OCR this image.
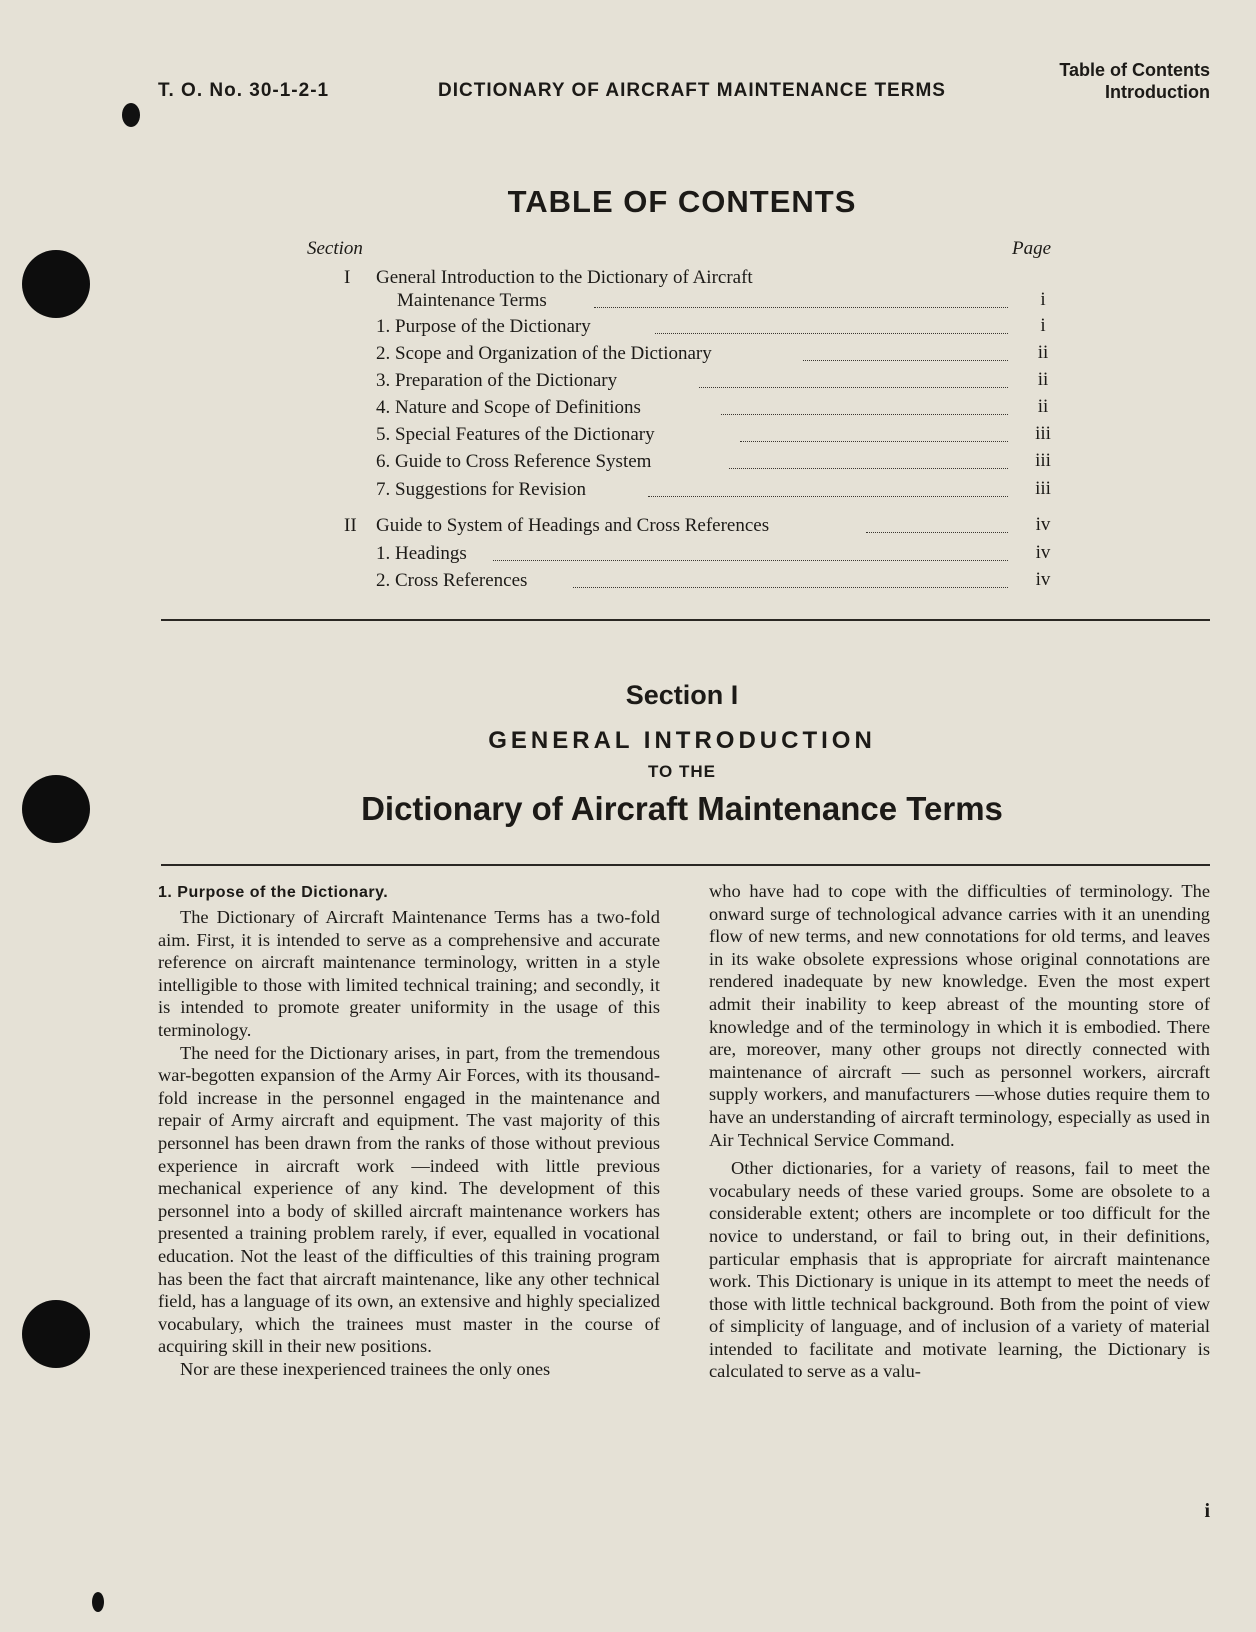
T. O. No. 30-1-2-1	DICTIONARY OF AIRCRAFT MAINTENANCE TERMS
Table of Contents
Introduction
TABLE OF CONTENTS
Section	Page
I General Introduction to the Dictionary of Aircraft
Maintenance Terms	i
1. Purpose of the Dictionary	i
2. Scope and Organization of the Dictionary	ii
3. Preparation of the Dictionary	ii
4. Nature and Scope of Definitions	ii
5. Special Features of the Dictionary	iii
6. Guide to Cross Reference System	iii
7. Suggestions for Revision	iii
II Guide to System of Headings and Cross References	iv
1. Headings	iv
2. Cross References	iv
Section I
GENERAL INTRODUCTION
TO THE
Dictionary of Aircraft Maintenance Terms
1. Purpose of the Dictionary.

The Dictionary of Aircraft Maintenance Terms has a two-fold aim. First, it is intended to serve as a comprehensive and accurate reference on aircraft maintenance terminology, written in a style intelligible to those with limited technical training; and secondly, it is intended to promote greater uniformity in the usage of this terminology.

The need for the Dictionary arises, in part, from the tremendous war-begotten expansion of the Army Air Forces, with its thousand-fold increase in the personnel engaged in the maintenance and repair of Army aircraft and equipment. The vast majority of this personnel has been drawn from the ranks of those without previous experience in aircraft work —indeed with little previous mechanical experience of any kind. The development of this personnel into a body of skilled aircraft maintenance workers has presented a training problem rarely, if ever, equalled in vocational education. Not the least of the difficulties of this training program has been the fact that aircraft maintenance, like any other technical field, has a language of its own, an extensive and highly specialized vocabulary, which the trainees must master in the course of acquiring skill in their new positions.

Nor are these inexperienced trainees the only ones

who have had to cope with the difficulties of terminology. The onward surge of technological advance carries with it an unending flow of new terms, and new connotations for old terms, and leaves in its wake obsolete expressions whose original connotations are rendered inadequate by new knowledge. Even the most expert admit their inability to keep abreast of the mounting store of knowledge and of the terminology in which it is embodied. There are, moreover, many other groups not directly connected with maintenance of aircraft — such as personnel workers, aircraft supply workers, and manufacturers —whose duties require them to have an understanding of aircraft terminology, especially as used in Air Technical Service Command.

Other dictionaries, for a variety of reasons, fail to meet the vocabulary needs of these varied groups. Some are obsolete to a considerable extent; others are incomplete or too difficult for the novice to understand, or fail to bring out, in their definitions, particular emphasis that is appropriate for aircraft maintenance work. This Dictionary is unique in its attempt to meet the needs of those with little technical background. Both from the point of view of simplicity of language, and of inclusion of a variety of material intended to facilitate and motivate learning, the Dictionary is calculated to serve as a valu-

i
